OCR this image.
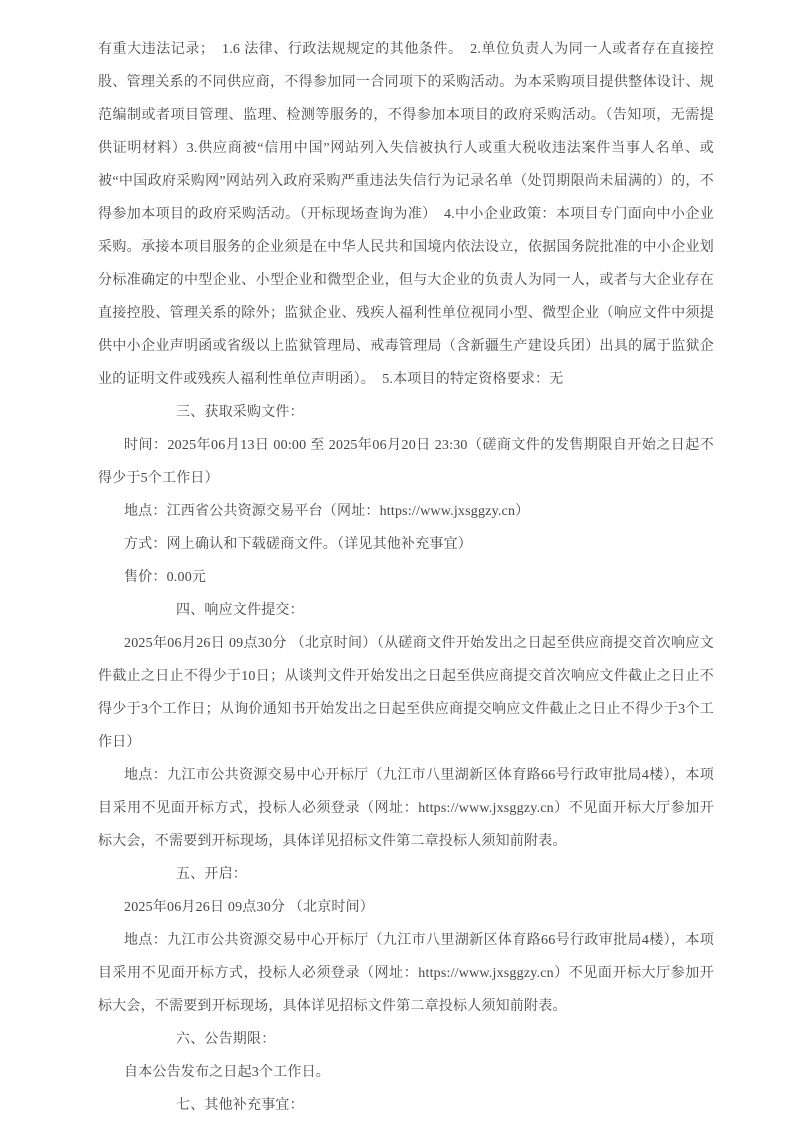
有重大违法记录；　1.6 法律、行政法规规定的其他条件。　2.单位负责人为同一人或者存在直接控股、管理关系的不同供应商，不得参加同一合同项下的采购活动。为本采购项目提供整体设计、规范编制或者项目管理、监理、检测等服务的，不得参加本项目的政府采购活动。（告知项，无需提供证明材料）3.供应商被“信用中国”网站列入失信被执行人或重大税收违法案件当事人名单、或被“中国政府采购网”网站列入政府采购严重违法失信行为记录名单（处罚期限尚未届满的）的，不得参加本项目的政府采购活动。（开标现场查询为准）　4.中小企业政策：本项目专门面向中小企业采购。承接本项目服务的企业须是在中华人民共和国境内依法设立，依据国务院批准的中小企业划分标准确定的中型企业、小型企业和微型企业，但与大企业的负责人为同一人，或者与大企业存在直接控股、管理关系的除外；监狱企业、残疾人福利性单位视同小型、微型企业（响应文件中须提供中小企业声明函或省级以上监狱管理局、戒毒管理局（含新疆生产建设兵团）出具的属于监狱企业的证明文件或残疾人福利性单位声明函）。　5.本项目的特定资格要求：无

三、获取采购文件：

时间：2025年06月13日 00:00 至 2025年06月20日 23:30（磋商文件的发售期限自开始之日起不得少于5个工作日）

地点：江西省公共资源交易平台（网址：https://www.jxsggzy.cn）

方式：网上确认和下载磋商文件。（详见其他补充事宜）

售价：0.00元

四、响应文件提交：

2025年06月26日 09点30分 （北京时间）（从磋商文件开始发出之日起至供应商提交首次响应文件截止之日止不得少于10日；从谈判文件开始发出之日起至供应商提交首次响应文件截止之日止不得少于3个工作日；从询价通知书开始发出之日起至供应商提交响应文件截止之日止不得少于3个工作日）

地点：九江市公共资源交易中心开标厅（九江市八里湖新区体育路66号行政审批局4楼），本项目采用不见面开标方式，投标人必须登录（网址：https://www.jxsggzy.cn）不见面开标大厅参加开标大会，不需要到开标现场，具体详见招标文件第二章投标人须知前附表。

五、开启：

2025年06月26日 09点30分 （北京时间）

地点：九江市公共资源交易中心开标厅（九江市八里湖新区体育路66号行政审批局4楼），本项目采用不见面开标方式，投标人必须登录（网址：https://www.jxsggzy.cn）不见面开标大厅参加开标大会，不需要到开标现场，具体详见招标文件第二章投标人须知前附表。

六、公告期限：

自本公告发布之日起3个工作日。

七、其他补充事宜：
